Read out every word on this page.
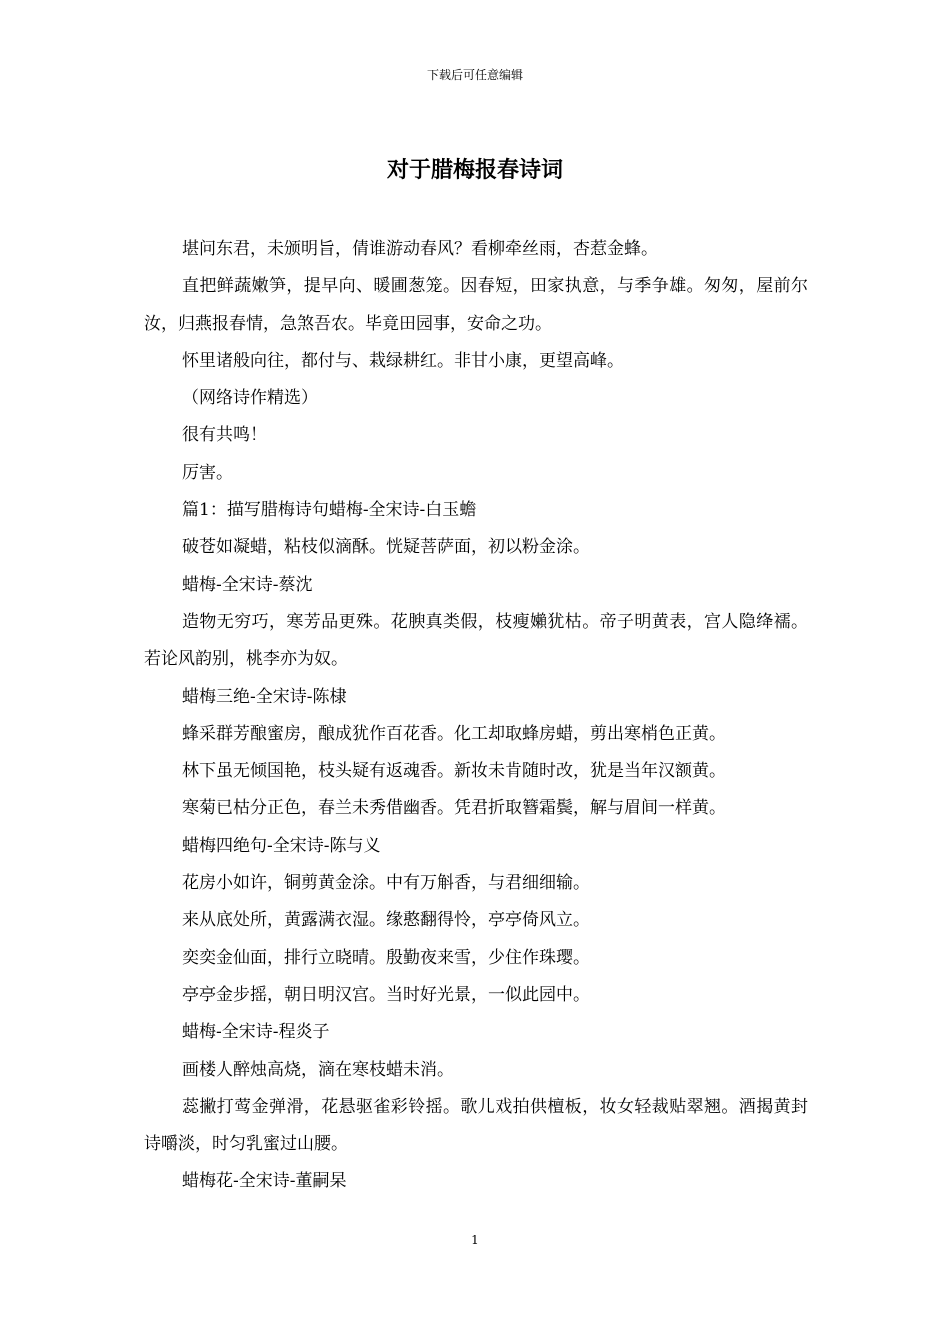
下载后可任意编辑
对于腊梅报春诗词

堪问东君，未颁明旨，倩谁游动春风？看柳牵丝雨，杏惹金蜂。

直把鲜蔬嫩笋，提早向、暖圃葱笼。因春短，田家执意，与季争雄。匆匆，屋前尔汝，归燕报春情，急煞吾农。毕竟田园事，安命之功。

怀里诸般向往，都付与、栽绿耕红。非甘小康，更望高峰。

（网络诗作精选）

很有共鸣！

厉害。

篇1：描写腊梅诗句蜡梅-全宋诗-白玉蟾

破苍如凝蜡，粘枝似滴酥。恍疑菩萨面，初以粉金涂。

蜡梅-全宋诗-蔡沈

造物无穷巧，寒芳品更殊。花腴真类假，枝瘦嬾犹枯。帝子明黄表，宫人隐绛襦。若论风韵别，桃李亦为奴。

蜡梅三绝-全宋诗-陈棣

蜂采群芳酿蜜房，酿成犹作百花香。化工却取蜂房蜡，剪出寒梢色正黄。

林下虽无倾国艳，枝头疑有返魂香。新妆未肯随时改，犹是当年汉额黄。

寒菊已枯分正色，春兰未秀借幽香。凭君折取簪霜鬓，解与眉间一样黄。

蜡梅四绝句-全宋诗-陈与义

花房小如许，铜剪黄金涂。中有万斛香，与君细细输。

来从底处所，黄露满衣湿。缘憨翻得怜，亭亭倚风立。

奕奕金仙面，排行立晓晴。殷勤夜来雪，少住作珠璎。

亭亭金步摇，朝日明汉宫。当时好光景，一似此园中。

蜡梅-全宋诗-程炎子

画楼人醉烛高烧，滴在寒枝蜡未消。

蕊撇打莺金弹滑，花悬驱雀彩铃摇。歌儿戏拍供檀板，妆女轻裁贴翠翘。酒揭黄封诗嚼淡，时匀乳蜜过山腰。

蜡梅花-全宋诗-董嗣杲

1
